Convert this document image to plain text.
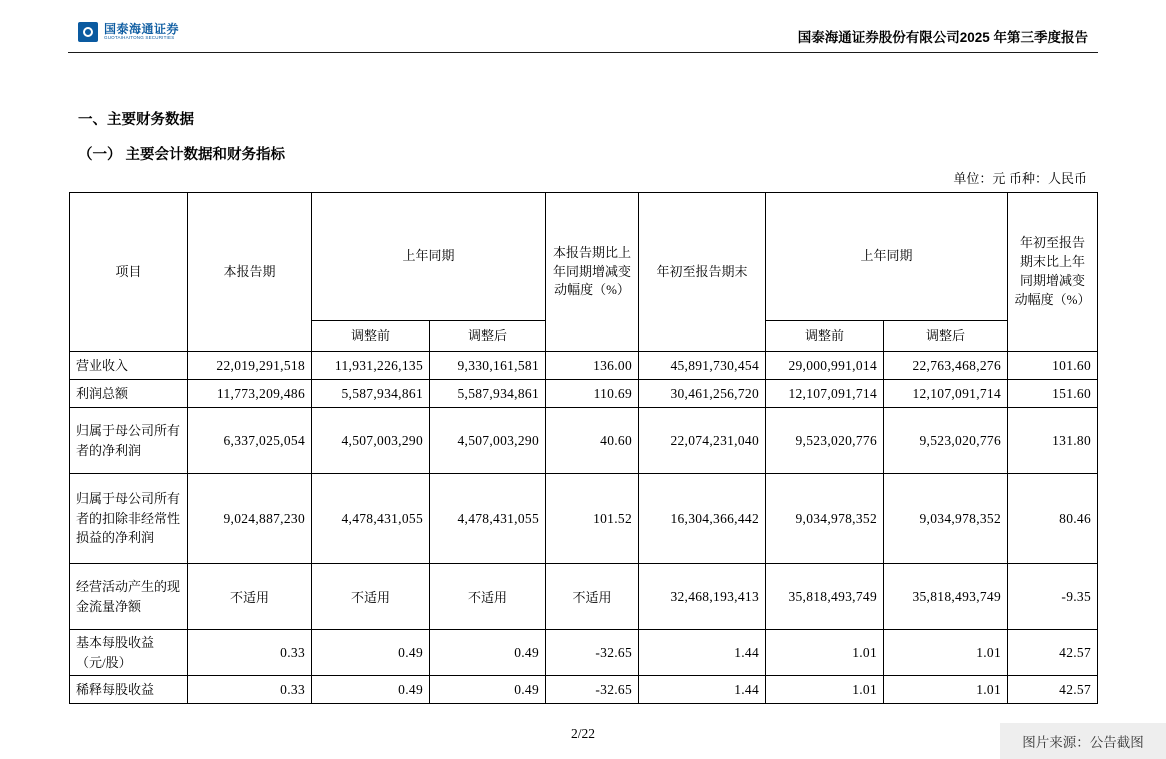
国泰海通证券
GUOTAIHAITONG SECURITIES	国泰海通证券股份有限公司2025 年第三季度报告
一、主要财务数据
（一） 主要会计数据和财务指标
单位：元 币种：人民币
项目	本报告期	上年同期		本报告期比上年同期增减变动幅度（%）	年初至报告期末	上年同期		年初至报告期末比上年同期增减变动幅度（%）
		调整前	调整后			调整前	调整后	
营业收入	22,019,291,518	11,931,226,135	9,330,161,581	136.00	45,891,730,454	29,000,991,014	22,763,468,276	101.60
利润总额	11,773,209,486	5,587,934,861	5,587,934,861	110.69	30,461,256,720	12,107,091,714	12,107,091,714	151.60
归属于母公司所有者的净利润	6,337,025,054	4,507,003,290	4,507,003,290	40.60	22,074,231,040	9,523,020,776	9,523,020,776	131.80
归属于母公司所有者的扣除非经常性损益的净利润	9,024,887,230	4,478,431,055	4,478,431,055	101.52	16,304,366,442	9,034,978,352	9,034,978,352	80.46
经营活动产生的现金流量净额	不适用	不适用	不适用	不适用	32,468,193,413	35,818,493,749	35,818,493,749	-9.35
基本每股收益（元/股）	0.33	0.49	0.49	-32.65	1.44	1.01	1.01	42.57
稀释每股收益	0.33	0.49	0.49	-32.65	1.44	1.01	1.01	42.57
2/22
图片来源：公告截图
